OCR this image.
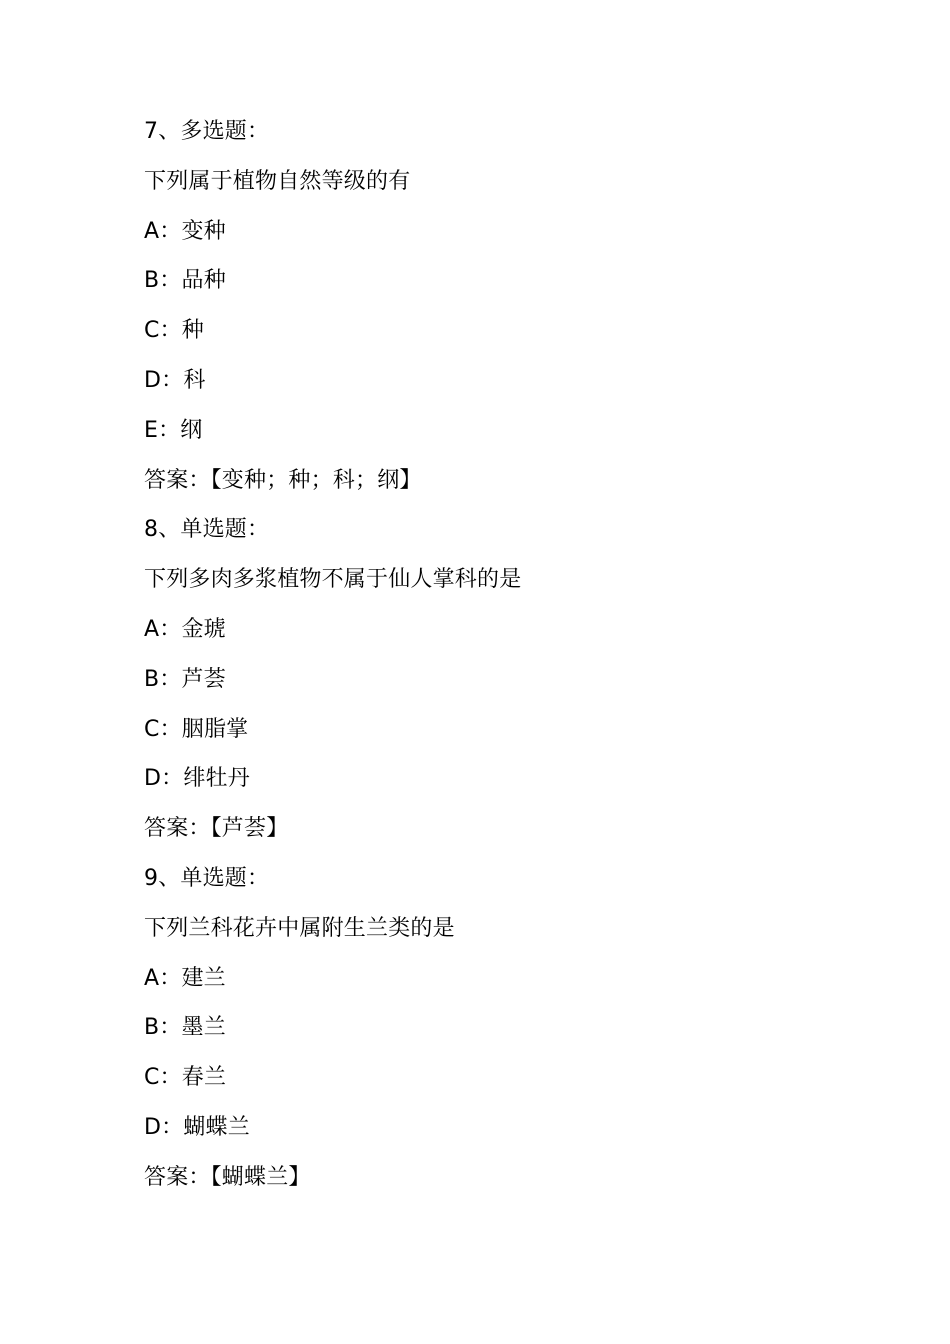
7、多选题：
下列属于植物自然等级的有
A：变种
B：品种
C：种
D：科
E：纲
答案：【变种；种；科；纲】
8、单选题：
下列多肉多浆植物不属于仙人掌科的是
A：金琥
B：芦荟
C：胭脂掌
D：绯牡丹
答案：【芦荟】
9、单选题：
下列兰科花卉中属附生兰类的是
A：建兰
B：墨兰
C：春兰
D：蝴蝶兰
答案：【蝴蝶兰】
